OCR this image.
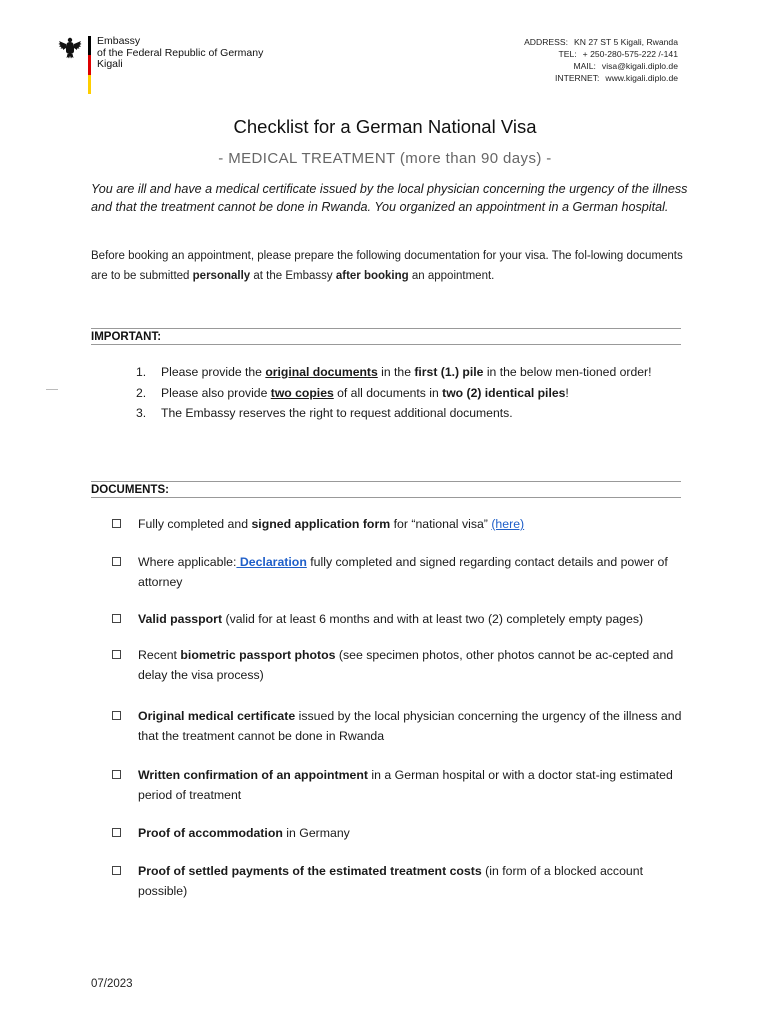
Embassy
of the Federal Republic of Germany
Kigali
ADDRESS: KN 27 ST 5 Kigali, Rwanda
TEL: + 250-280-575-222 /-141
MAIL: visa@kigali.diplo.de
INTERNET: www.kigali.diplo.de
Checklist for a German National Visa
- MEDICAL TREATMENT (more than 90 days) -
You are ill and have a medical certificate issued by the local physician concerning the urgency of the illness and that the treatment cannot be done in Rwanda. You organized an appointment in a German hospital.
Before booking an appointment, please prepare the following documentation for your visa. The fol-lowing documents are to be submitted personally at the Embassy after booking an appointment.
IMPORTANT:
1. Please provide the original documents in the first (1.) pile in the below men-tioned order!
2. Please also provide two copies of all documents in two (2) identical piles!
3. The Embassy reserves the right to request additional documents.
DOCUMENTS:
Fully completed and signed application form for “national visa” (here)
Where applicable: Declaration fully completed and signed regarding contact details and power of attorney
Valid passport (valid for at least 6 months and with at least two (2) completely empty pages)
Recent biometric passport photos (see specimen photos, other photos cannot be ac-cepted and delay the visa process)
Original medical certificate issued by the local physician concerning the urgency of the illness and that the treatment cannot be done in Rwanda
Written confirmation of an appointment in a German hospital or with a doctor stat-ing estimated period of treatment
Proof of accommodation in Germany
Proof of settled payments of the estimated treatment costs (in form of a blocked account possible)
07/2023
